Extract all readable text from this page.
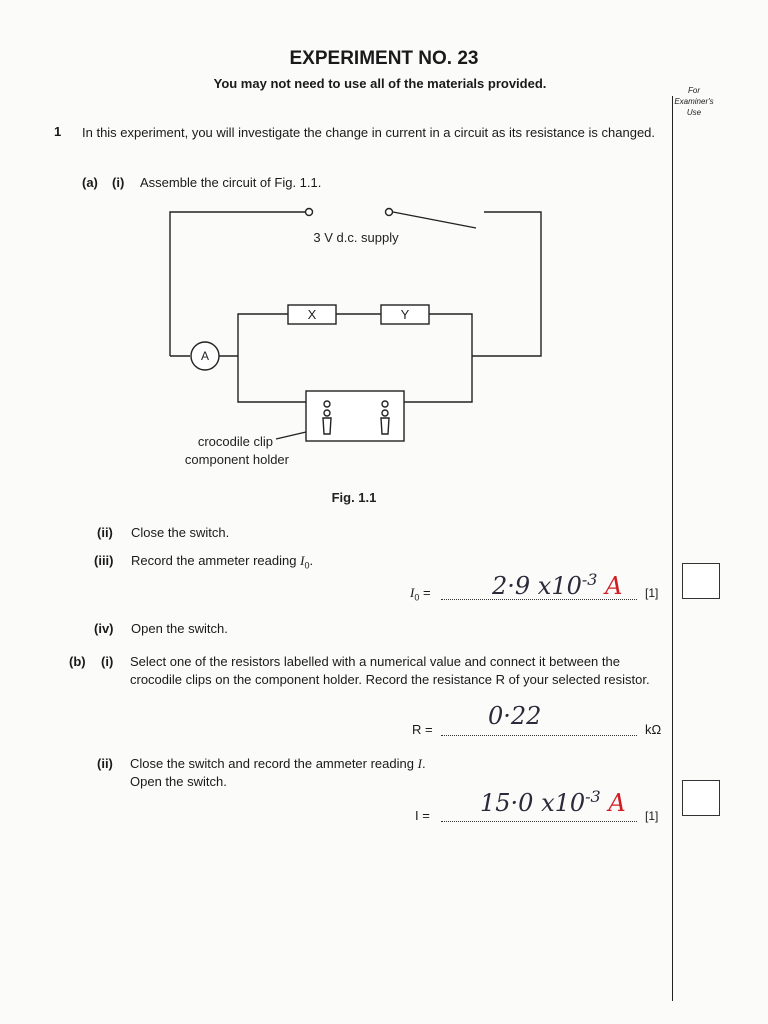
EXPERIMENT NO. 23
You may not need to use all of the materials provided.	For
Examiner's
Use
1 In this experiment, you will investigate the change in current in a circuit as its resistance is changed.
(a) (i) Assemble the circuit of Fig. 1.1.
3 V d.c. supply
X	Y
A
crocodile clip
component holder
Fig. 1.1
(ii) Close the switch.
(iii) Record the ammeter reading $I_0$.
$I_0$ =	2·9 $x10^{-3}$ A [1]
(iv) Open the switch.
(b) (i) Select one of the resistors labelled with a numerical value and connect it between the crocodile clips on the component holder. Record the resistance R of your selected resistor.
R = 0·22	kΩ
(ii) Close the switch and record the ammeter reading I.
Open the switch.
I = 15·0 $x10^{-3}$ A [1]
